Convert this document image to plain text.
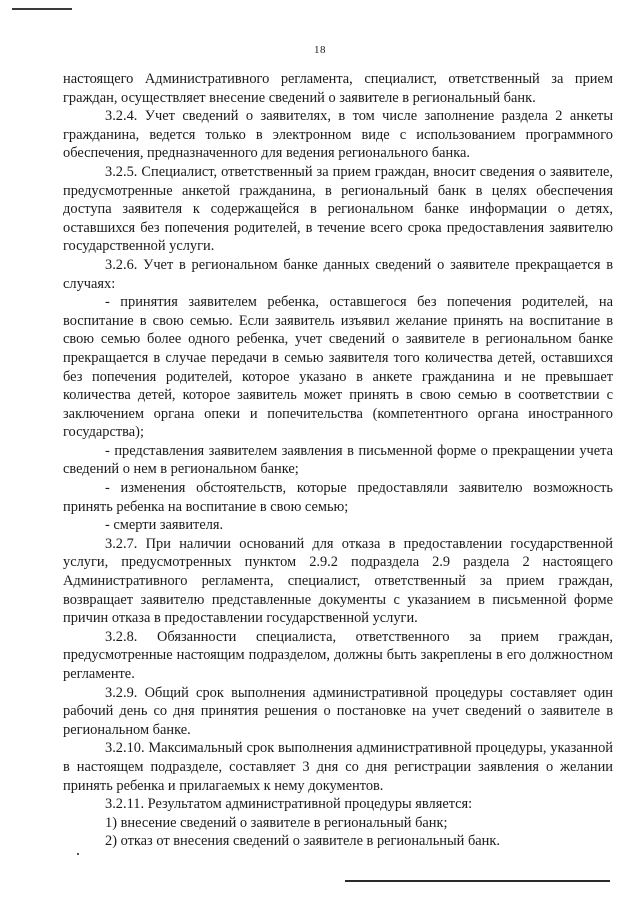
18

настоящего Административного регламента, специалист, ответственный за прием граждан, осуществляет внесение сведений о заявителе в региональный банк.

3.2.4. Учет сведений о заявителях, в том числе заполнение раздела 2 анкеты гражданина, ведется только в электронном виде с использованием программного обеспечения, предназначенного для ведения регионального банка.

3.2.5. Специалист, ответственный за прием граждан, вносит сведения о заявителе, предусмотренные анкетой гражданина, в региональный банк в целях обеспечения доступа заявителя к содержащейся в региональном банке информации о детях, оставшихся без попечения родителей, в течение всего срока предоставления заявителю государственной услуги.

3.2.6. Учет в региональном банке данных сведений о заявителе прекращается в случаях:

- принятия заявителем ребенка, оставшегося без попечения родителей, на воспитание в свою семью. Если заявитель изъявил желание принять на воспитание в свою семью более одного ребенка, учет сведений о заявителе в региональном банке прекращается в случае передачи в семью заявителя того количества детей, оставшихся без попечения родителей, которое указано в анкете гражданина и не превышает количества детей, которое заявитель может принять в свою семью в соответствии с заключением органа опеки и попечительства (компетентного органа иностранного государства);

- представления заявителем заявления в письменной форме о прекращении учета сведений о нем в региональном банке;

- изменения обстоятельств, которые предоставляли заявителю возможность принять ребенка на воспитание в свою семью;

- смерти заявителя.

3.2.7. При наличии оснований для отказа в предоставлении государственной услуги, предусмотренных пунктом 2.9.2 подраздела 2.9 раздела 2 настоящего Административного регламента, специалист, ответственный за прием граждан, возвращает заявителю представленные документы с указанием в письменной форме причин отказа в предоставлении государственной услуги.

3.2.8. Обязанности специалиста, ответственного за прием граждан, предусмотренные настоящим подразделом, должны быть закреплены в его должностном регламенте.

3.2.9. Общий срок выполнения административной процедуры составляет один рабочий день со дня принятия решения о постановке на учет сведений о заявителе в региональном банке.

3.2.10. Максимальный срок выполнения административной процедуры, указанной в настоящем подразделе, составляет 3 дня со дня регистрации заявления о желании принять ребенка и прилагаемых к нему документов.

3.2.11. Результатом административной процедуры является:

1) внесение сведений о заявителе в региональный банк;

2) отказ от внесения сведений о заявителе в региональный банк.
